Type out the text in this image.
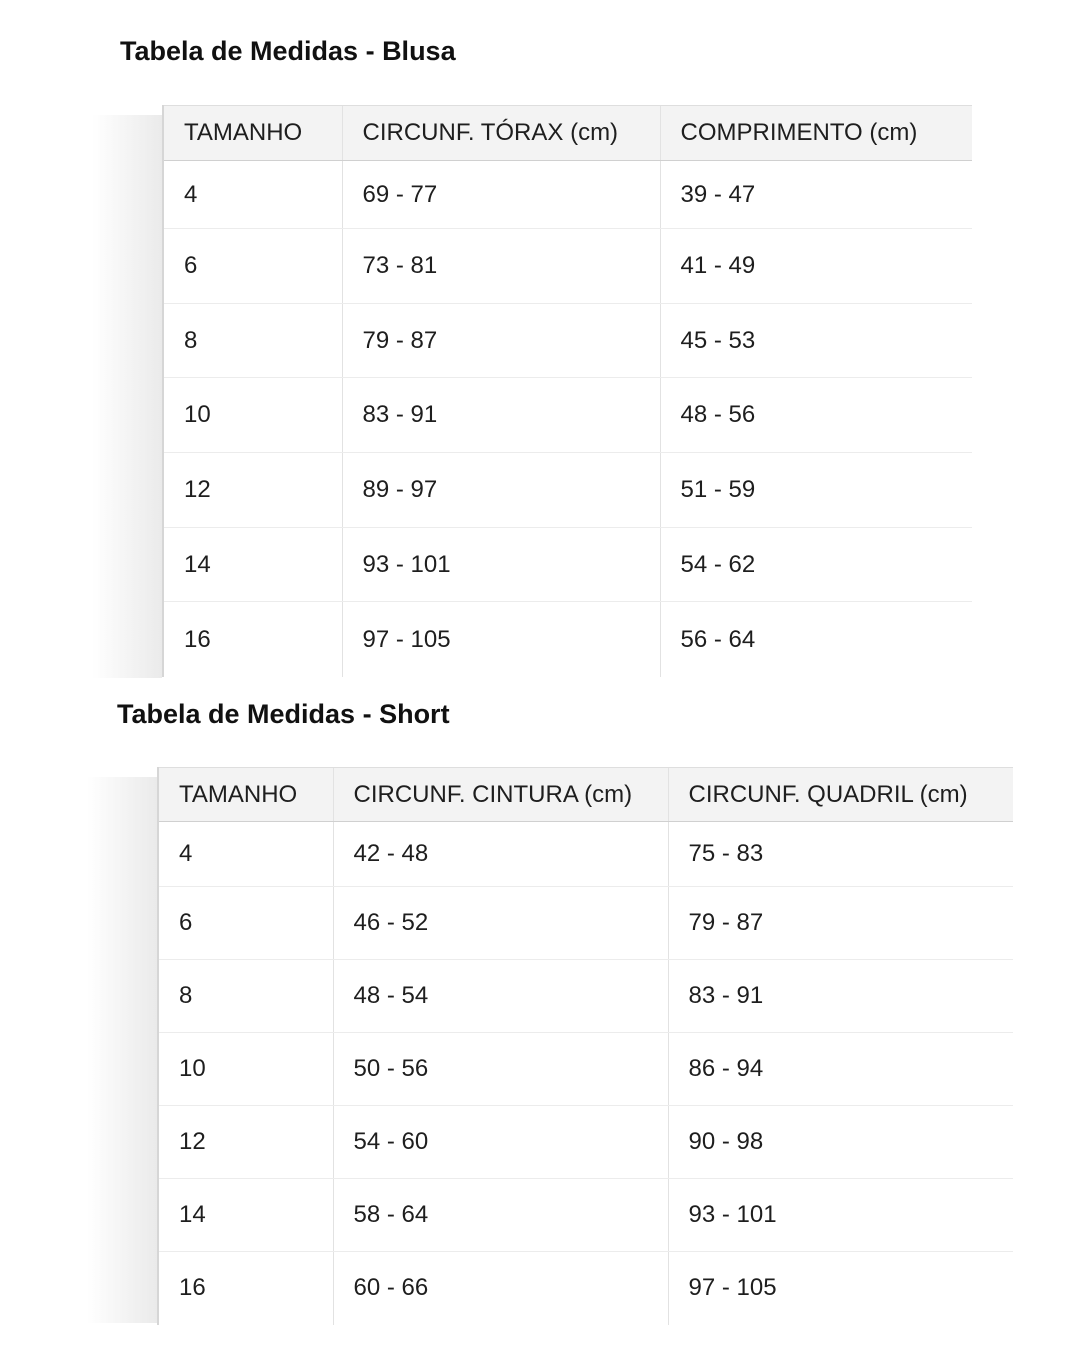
Tabela de Medidas - Blusa
TAMANHO	CIRCUNF. TÓRAX (cm)	COMPRIMENTO (cm)
4	69 - 77	39 - 47
6	73 - 81	41 - 49
8	79 - 87	45 - 53
10	83 - 91	48 - 56
12	89 - 97	51 - 59
14	93 - 101	54 - 62
16	97 - 105	56 - 64
Tabela de Medidas - Short
TAMANHO	CIRCUNF. CINTURA (cm)	CIRCUNF. QUADRIL (cm)
4	42 - 48	75 - 83
6	46 - 52	79 - 87
8	48 - 54	83 - 91
10	50 - 56	86 - 94
12	54 - 60	90 - 98
14	58 - 64	93 - 101
16	60 - 66	97 - 105
